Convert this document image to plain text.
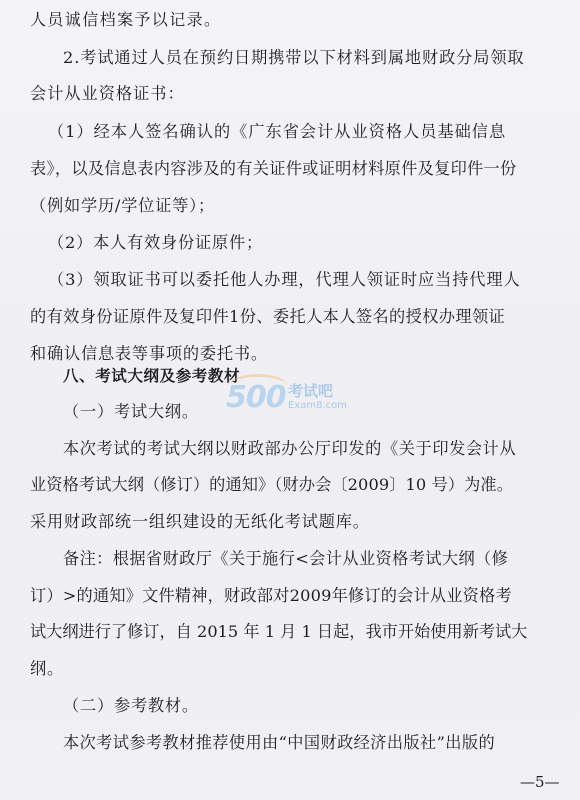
人员诚信档案予以记录。
2.考试通过人员在预约日期携带以下材料到属地财政分局领取
会计从业资格证书：
（1）经本人签名确认的《广东省会计从业资格人员基础信息
表》，以及信息表内容涉及的有关证件或证明材料原件及复印件一份
（例如学历/学位证等）；
（2）本人有效身份证原件；
（3）领取证书可以委托他人办理，代理人领证时应当持代理人
的有效身份证原件及复印件1份、委托人本人签名的授权办理领证
和确认信息表等事项的委托书。
八、考试大纲及参考教材
500 考试吧
Exam8.com
（一）考试大纲。
本次考试的考试大纲以财政部办公厅印发的《关于印发会计从
业资格考试大纲（修订）的通知》（财办会〔2009〕10 号）为准。
采用财政部统一组织建设的无纸化考试题库。
备注：根据省财政厅《关于施行<会计从业资格考试大纲（修
订）>的通知》文件精神，财政部对2009年修订的会计从业资格考
试大纲进行了修订，自 2015 年 1 月 1 日起，我市开始使用新考试大
纲。
（二）参考教材。
本次考试参考教材推荐使用由“中国财政经济出版社”出版的
—5—
